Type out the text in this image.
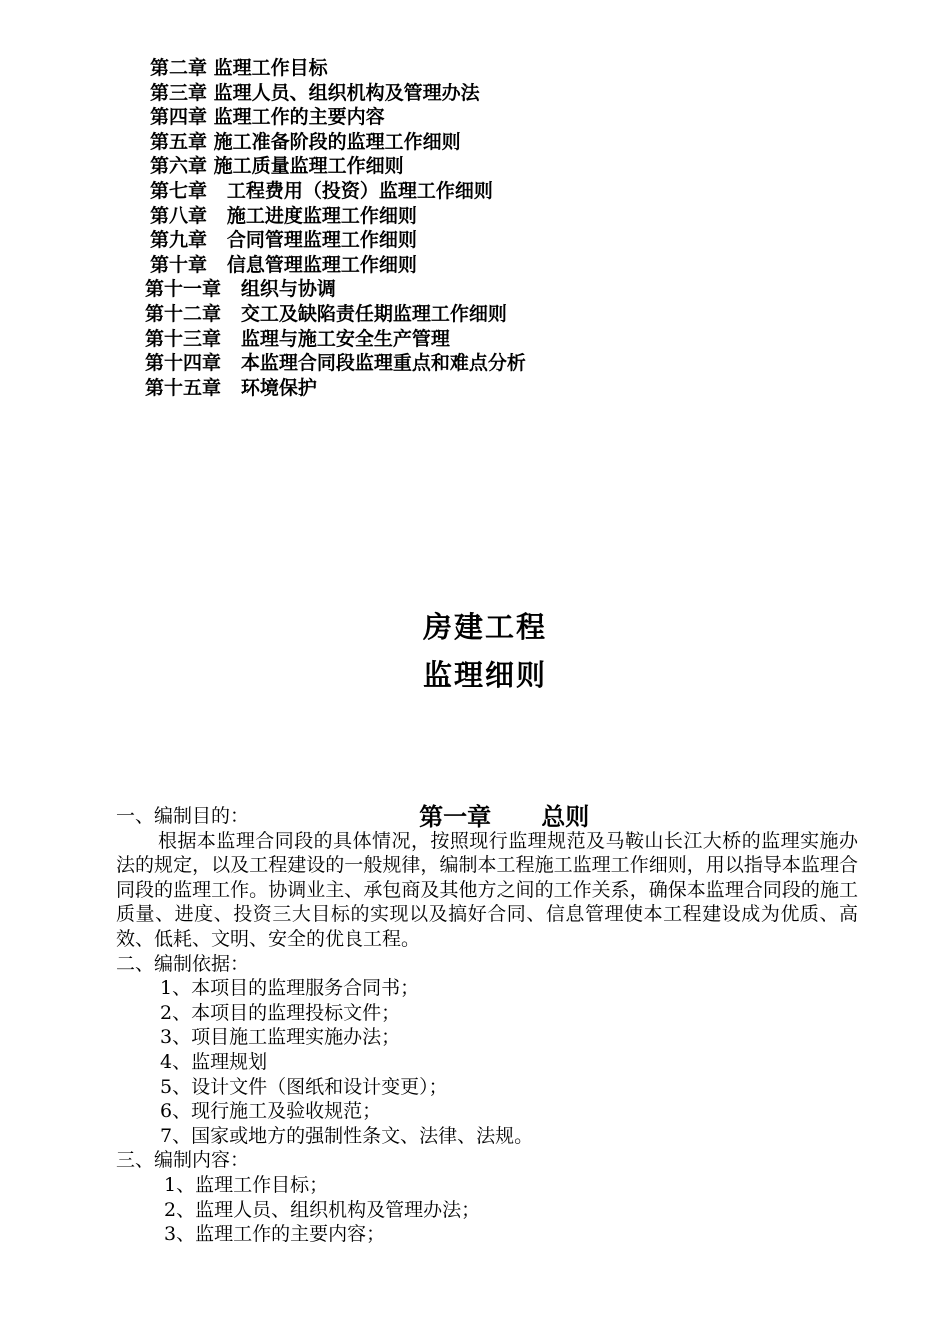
第二章 监理工作目标
第三章 监理人员、组织机构及管理办法
第四章 监理工作的主要内容
第五章 施工准备阶段的监理工作细则
第六章 施工质量监理工作细则
第七章   工程费用（投资）监理工作细则
第八章   施工进度监理工作细则
第九章   合同管理监理工作细则
第十章   信息管理监理工作细则
第十一章   组织与协调
第十二章   交工及缺陷责任期监理工作细则
第十三章   监理与施工安全生产管理
第十四章   本监理合同段监理重点和难点分析
第十五章   环境保护
房建工程
监理细则

第一章      总则

一、编制目的：

根据本监理合同段的具体情况，按照现行监理规范及马鞍山长江大桥的监理实施办法的规定，以及工程建设的一般规律，编制本工程施工监理工作细则，用以指导本监理合同段的监理工作。协调业主、承包商及其他方之间的工作关系，确保本监理合同段的施工质量、进度、投资三大目标的实现以及搞好合同、信息管理使本工程建设成为优质、高效、低耗、文明、安全的优良工程。

二、编制依据：
1、本项目的监理服务合同书；
2、本项目的监理投标文件；
3、项目施工监理实施办法；
4、监理规划
5、设计文件（图纸和设计变更）；
6、现行施工及验收规范；
7、国家或地方的强制性条文、法律、法规。
三、编制内容：
1、监理工作目标；
2、监理人员、组织机构及管理办法；
3、监理工作的主要内容；
